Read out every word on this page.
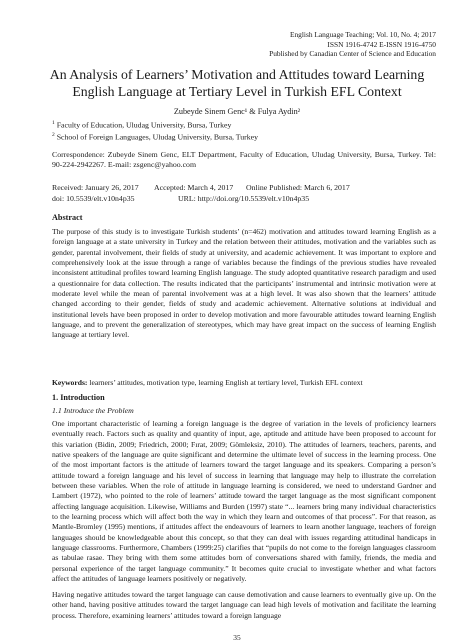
English Language Teaching; Vol. 10, No. 4; 2017
ISSN 1916-4742 E-ISSN 1916-4750
Published by Canadian Center of Science and Education
An Analysis of Learners’ Motivation and Attitudes toward Learning English Language at Tertiary Level in Turkish EFL Context
Zubeyde Sinem Genc¹ & Fulya Aydin²
$^1$ Faculty of Education, Uludag University, Bursa, Turkey
$^2$ School of Foreign Languages, Uludag University, Bursa, Turkey
Correspondence: Zubeyde Sinem Genc, ELT Department, Faculty of Education, Uludag University, Bursa, Turkey. Tel: 90-224-2942267. E-mail: zsgenc@yahoo.com
Received: January 26, 2017	Accepted: March 4, 2017	Online Published: March 6, 2017
doi: 10.5539/elt.v10n4p35	URL: http://doi.org/10.5539/elt.v10n4p35
Abstract
The purpose of this study is to investigate Turkish students’ (n=462) motivation and attitudes toward learning English as a foreign language at a state university in Turkey and the relation between their attitudes, motivation and the variables such as gender, parental involvement, their fields of study at university, and academic achievement. It was important to explore and comprehensively look at the issue through a range of variables because the findings of the previous studies have revealed inconsistent attitudinal profiles toward learning English language. The study adopted quantitative research paradigm and used a questionnaire for data collection. The results indicated that the participants’ instrumental and intrinsic motivation were at moderate level while the mean of parental involvement was at a high level. It was also shown that the learners’ attitude changed according to their gender, fields of study and academic achievement. Alternative solutions at individual and institutional levels have been proposed in order to develop motivation and more favourable attitudes toward learning English language, and to prevent the generalization of stereotypes, which may have great impact on the success of learning English language at tertiary level.
Keywords: learners’ attitudes, motivation type, learning English at tertiary level, Turkish EFL context
1. Introduction
1.1 Introduce the Problem
One important characteristic of learning a foreign language is the degree of variation in the levels of proficiency learners eventually reach. Factors such as quality and quantity of input, age, aptitude and attitude have been proposed to account for this variation (Bidin, 2009; Friedrich, 2000; Fırat, 2009; Gömleksiz, 2010). The attitudes of learners, teachers, parents, and native speakers of the language are quite significant and determine the ultimate level of success in the learning process. One of the most important factors is the attitude of learners toward the target language and its speakers. Comparing a person’s attitude toward a foreign language and his level of success in learning that language may help to illustrate the correlation between these variables. When the role of attitude in language learning is considered, we need to understand Gardner and Lambert (1972), who pointed to the role of learners’ attitude toward the target language as the most significant component affecting language acquisition. Likewise, Williams and Burden (1997) state “... learners bring many individual characteristics to the learning process which will affect both the way in which they learn and outcomes of that process”. For that reason, as Mantle-Bromley (1995) mentions, if attitudes affect the endeavours of learners to learn another language, teachers of foreign languages should be knowledgeable about this concept, so that they can deal with issues regarding attitudinal handicaps in language classrooms. Furthermore, Chambers (1999:25) clarifies that “pupils do not come to the foreign languages classroom as tabulae rasae. They bring with them some attitudes born of conversations shared with family, friends, the media and personal experience of the target language community.” It becomes quite crucial to investigate whether and what factors affect the attitudes of language learners positively or negatively.
Having negative attitudes toward the target language can cause demotivation and cause learners to eventually give up. On the other hand, having positive attitudes toward the target language can lead high levels of motivation and facilitate the learning process. Therefore, examining learners’ attitudes toward a foreign language
35
